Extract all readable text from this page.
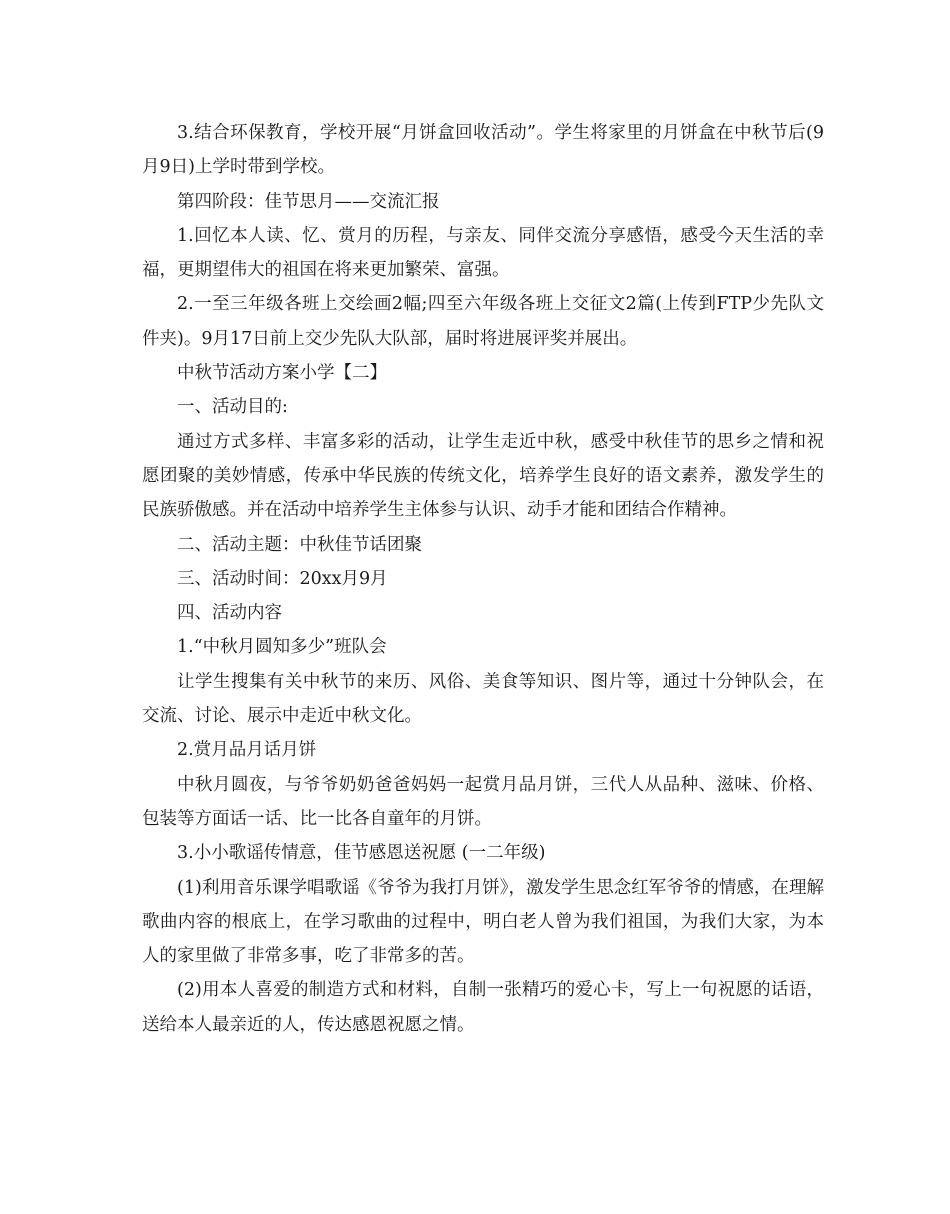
3.结合环保教育，学校开展“月饼盒回收活动”。学生将家里的月饼盒在中秋节后(9月9日)上学时带到学校。

第四阶段：佳节思月——交流汇报

1.回忆本人读、忆、赏月的历程，与亲友、同伴交流分享感悟，感受今天生活的幸福，更期望伟大的祖国在将来更加繁荣、富强。

2.一至三年级各班上交绘画2幅;四至六年级各班上交征文2篇(上传到FTP少先队文件夹)。9月17日前上交少先队大队部，届时将进展评奖并展出。

中秋节活动方案小学【二】

一、活动目的:

通过方式多样、丰富多彩的活动，让学生走近中秋，感受中秋佳节的思乡之情和祝愿团聚的美妙情感，传承中华民族的传统文化，培养学生良好的语文素养，激发学生的民族骄傲感。并在活动中培养学生主体参与认识、动手才能和团结合作精神。

二、活动主题：中秋佳节话团聚

三、活动时间：20xx月9月

四、活动内容

1.“中秋月圆知多少”班队会

让学生搜集有关中秋节的来历、风俗、美食等知识、图片等，通过十分钟队会，在交流、讨论、展示中走近中秋文化。

2.赏月品月话月饼

中秋月圆夜，与爷爷奶奶爸爸妈妈一起赏月品月饼，三代人从品种、滋味、价格、包装等方面话一话、比一比各自童年的月饼。

3.小小歌谣传情意，佳节感恩送祝愿 (一二年级)

(1)利用音乐课学唱歌谣《爷爷为我打月饼》，激发学生思念红军爷爷的情感，在理解歌曲内容的根底上，在学习歌曲的过程中，明白老人曾为我们祖国，为我们大家，为本人的家里做了非常多事，吃了非常多的苦。

(2)用本人喜爱的制造方式和材料，自制一张精巧的爱心卡，写上一句祝愿的话语，送给本人最亲近的人，传达感恩祝愿之情。
